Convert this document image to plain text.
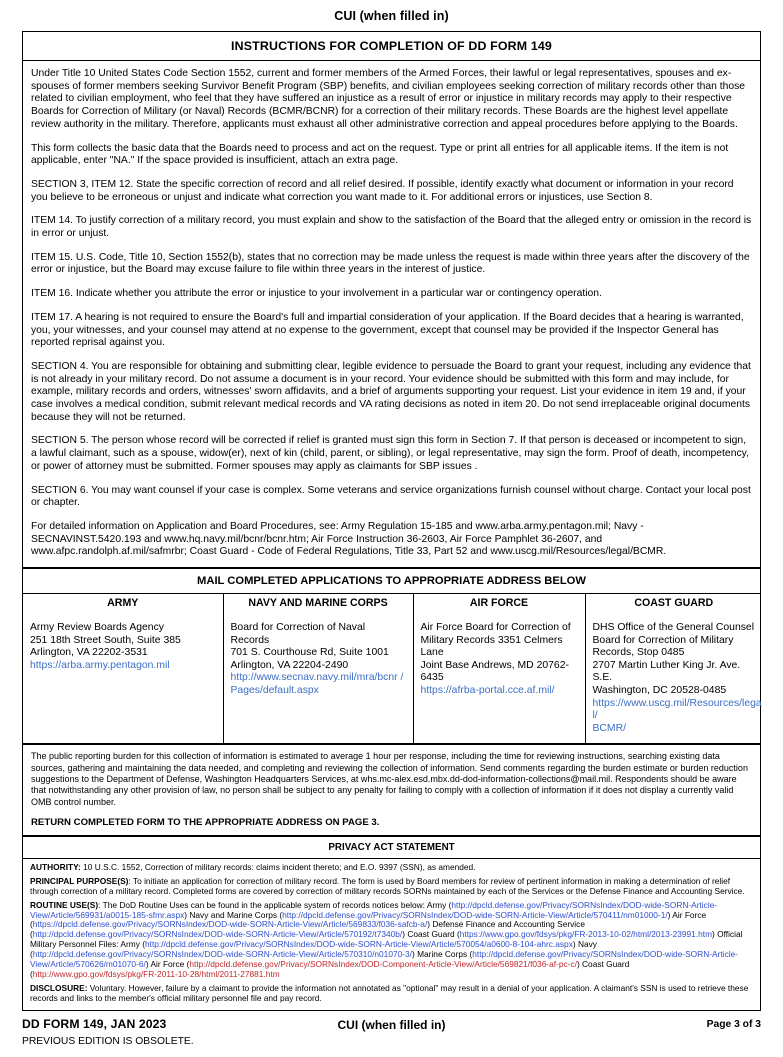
CUI (when filled in)
INSTRUCTIONS FOR COMPLETION OF DD FORM 149

Under Title 10 United States Code Section 1552, current and former members of the Armed Forces, their lawful or legal representatives, spouses and ex-spouses of former members seeking Survivor Benefit Program (SBP) benefits, and civilian employees seeking correction of military records other than those related to civilian employment, who feel that they have suffered an injustice as a result of error or injustice in military records may apply to their respective Boards for Correction of Military (or Naval) Records (BCMR/BCNR) for a correction of their military records. These Boards are the highest level appellate review authority in the military. Therefore, applicants must exhaust all other administrative correction and appeal procedures before applying to the Boards.

This form collects the basic data that the Boards need to process and act on the request. Type or print all entries for all applicable items. If the item is not applicable, enter "NA." If the space provided is insufficient, attach an extra page.

SECTION 3, ITEM 12. State the specific correction of record and all relief desired. If possible, identify exactly what document or information in your record you believe to be erroneous or unjust and indicate what correction you want made to it. For additional errors or injustices, use Section 8.

ITEM 14. To justify correction of a military record, you must explain and show to the satisfaction of the Board that the alleged entry or omission in the record is in error or unjust.

ITEM 15. U.S. Code, Title 10, Section 1552(b), states that no correction may be made unless the request is made within three years after the discovery of the error or injustice, but the Board may excuse failure to file within three years in the interest of justice.

ITEM 16. Indicate whether you attribute the error or injustice to your involvement in a particular war or contingency operation.

ITEM 17. A hearing is not required to ensure the Board's full and impartial consideration of your application. If the Board decides that a hearing is warranted, you, your witnesses, and your counsel may attend at no expense to the government, except that counsel may be provided if the Inspector General has reported reprisal against you.

SECTION 4. You are responsible for obtaining and submitting clear, legible evidence to persuade the Board to grant your request, including any evidence that is not already in your military record. Do not assume a document is in your record. Your evidence should be submitted with this form and may include, for example, military records and orders, witnesses' sworn affidavits, and a brief of arguments supporting your request. List your evidence in item 19 and, if your case involves a medical condition, submit relevant medical records and VA rating decisions as noted in item 20. Do not send irreplaceable original documents because they will not be returned.

SECTION 5. The person whose record will be corrected if relief is granted must sign this form in Section 7. If that person is deceased or incompetent to sign, a lawful claimant, such as a spouse, widow(er), next of kin (child, parent, or sibling), or legal representative, may sign the form. Proof of death, incompetency, or power of attorney must be submitted. Former spouses may apply as claimants for SBP issues .

SECTION 6. You may want counsel if your case is complex. Some veterans and service organizations furnish counsel without charge. Contact your local post or chapter.

For detailed information on Application and Board Procedures, see: Army Regulation 15-185 and www.arba.army.pentagon.mil; Navy - SECNAVINST.5420.193 and www.hq.navy.mil/bcnr/bcnr.htm; Air Force Instruction 36-2603, Air Force Pamphlet 36-2607, and www.afpc.randolph.af.mil/safmrbr; Coast Guard - Code of Federal Regulations, Title 33, Part 52 and www.uscg.mil/Resources/legal/BCMR.

MAIL COMPLETED APPLICATIONS TO APPROPRIATE ADDRESS BELOW
ARMY	NAVY AND MARINE CORPS	AIR FORCE	COAST GUARD

Army Review Boards Agency
251 18th Street South, Suite 385
Arlington, VA 22202-3531
https://arba.army.pentagon.mil

Board for Correction of Naval Records
701 S. Courthouse Rd, Suite 1001
Arlington, VA 22204-2490
http://www.secnav.navy.mil/mra/bcnr /
Pages/default.aspx

Air Force Board for Correction of
Military Records 3351 Celmers Lane
Joint Base Andrews, MD 20762-6435
https://afrba-portal.cce.af.mil/

DHS Office of the General Counsel
Board for Correction of Military
Records, Stop 0485
2707 Martin Luther King Jr. Ave. S.E.
Washington, DC 20528-0485
https://www.uscg.mil/Resources/lega l/
BCMR/

The public reporting burden for this collection of information is estimated to average 1 hour per response, including the time for reviewing instructions, searching existing data sources, gathering and maintaining the data needed, and completing and reviewing the collection of information. Send comments regarding the burden estimate or burden reduction suggestions to the Department of Defense, Washington Headquarters Services, at whs.mc-alex.esd.mbx.dd-dod-information-collections@mail.mil. Respondents should be aware that notwithstanding any other provision of law, no person shall be subject to any penalty for failing to comply with a collection of information if it does not display a currently valid OMB control number.

RETURN COMPLETED FORM TO THE APPROPRIATE ADDRESS ON PAGE 3.

PRIVACY ACT STATEMENT

AUTHORITY: 10 U.S.C. 1552, Correction of military records: claims incident thereto; and E.O. 9397 (SSN), as amended.

PRINCIPAL PURPOSE(S): To initiate an application for correction of military record. The form is used by Board members for review of pertinent information in making a determination of relief through correction of a military record. Completed forms are covered by correction of military records SORNs maintained by each of the Services or the Defense Finance and Accounting Service.

ROUTINE USE(S): The DoD Routine Uses can be found in the applicable system of records notices below: Army (http://dpcld.defense.gov/Privacy/SORNsIndex/DOD-wide-SORN-Article-View/Article/569931/a0015-185-sfmr.aspx) Navy and Marine Corps (http://dpcld.defense.gov/Privacy/SORNsIndex/DOD-wide-SORN-Article-View/Article/570411/nm01000-1/) Air Force (https://dpcld.defense.gov/Privacy/SORNsIndex/DOD-wide-SORN-Article-View/Article/569833/f036-safcb-a/) Defense Finance and Accounting Service (http://dpcld.defense.gov/Privacy/SORNsIndex/DOD-wide-SORN-Article-View/Article/570192/t7340b/) Coast Guard (https://www.gpo.gov/fdsys/pkg/FR-2013-10-02/html/2013-23991.htm) Official Military Personnel Files: Army (http://dpcld.defense.gov/Privacy/SORNsIndex/DOD-wide-SORN-Article-View/Article/570054/a0600-8-104-ahrc.aspx) Navy (http://dpcld.defense.gov/Privacy/SORNsIndex/DOD-wide-SORN-Article-View/Article/570310/n01070-3/) Marine Corps (http://dpcld.defense.gov/Privacy/SORNsIndex/DOD-wide-SORN-Article-View/Article/570626/m01070-6/) Air Force (http://dpcld.defense.gov/Privacy/SORNsIndex/DOD-Component-Article-View/Article/569821/f036-af-pc-c/) Coast Guard (http://www.gpo.gov/fdsys/pkg/FR-2011-10-28/html/2011-27881.htm

DISCLOSURE: Voluntary. However, failure by a claimant to provide the information not annotated as "optional" may result in a denial of your application. A claimant's SSN is used to retrieve these records and links to the member's official military personnel file and pay record.

DD FORM 149, JAN 2023
PREVIOUS EDITION IS OBSOLETE.
CUI (when filled in)	Page 3 of 3
